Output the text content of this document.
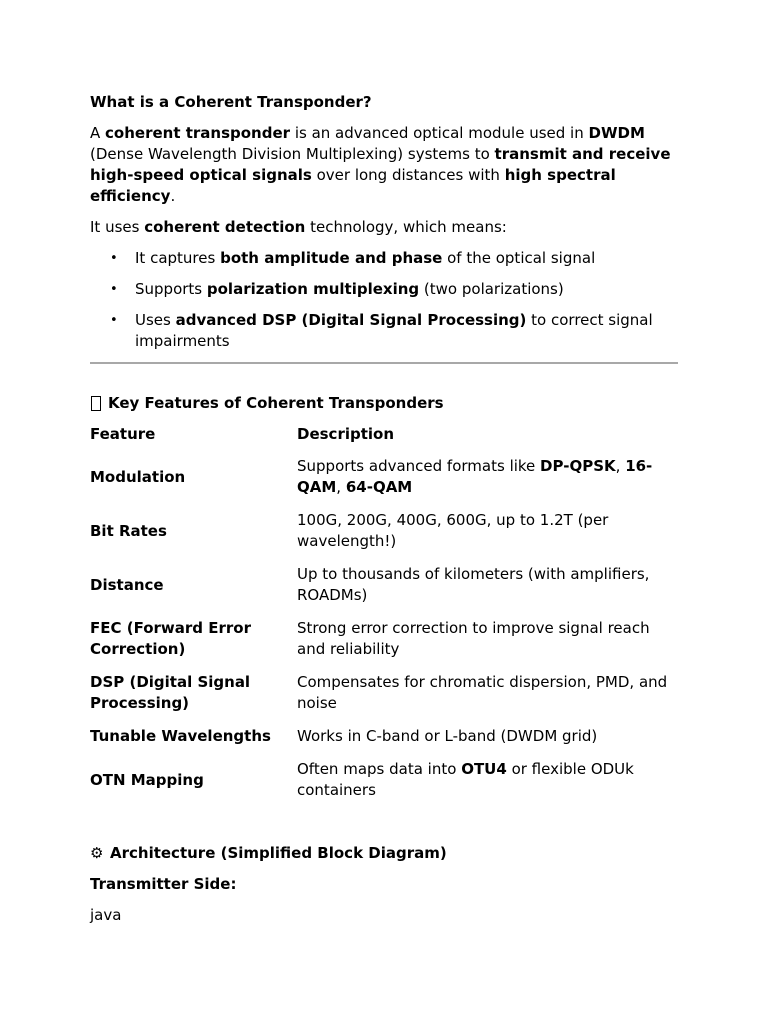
What is a Coherent Transponder?

A coherent transponder is an advanced optical module used in DWDM (Dense Wavelength Division Multiplexing) systems to transmit and receive high-speed optical signals over long distances with high spectral efficiency.

It uses coherent detection technology, which means:

• It captures both amplitude and phase of the optical signal
• Supports polarization multiplexing (two polarizations)
• Uses advanced DSP (Digital Signal Processing) to correct signal impairments
Key Features of Coherent Transponders
Feature	Description
Modulation	Supports advanced formats like DP-QPSK, 16-QAM, 64-QAM
Bit Rates	100G, 200G, 400G, 600G, up to 1.2T (per wavelength!)
Distance	Up to thousands of kilometers (with amplifiers, ROADMs)
FEC (Forward Error Correction)	Strong error correction to improve signal reach and reliability
DSP (Digital Signal Processing)	Compensates for chromatic dispersion, PMD, and noise
Tunable Wavelengths	Works in C-band or L-band (DWDM grid)
OTN Mapping	Often maps data into OTU4 or flexible ODUk containers
⚙ Architecture (Simplified Block Diagram)

Transmitter Side:

java
